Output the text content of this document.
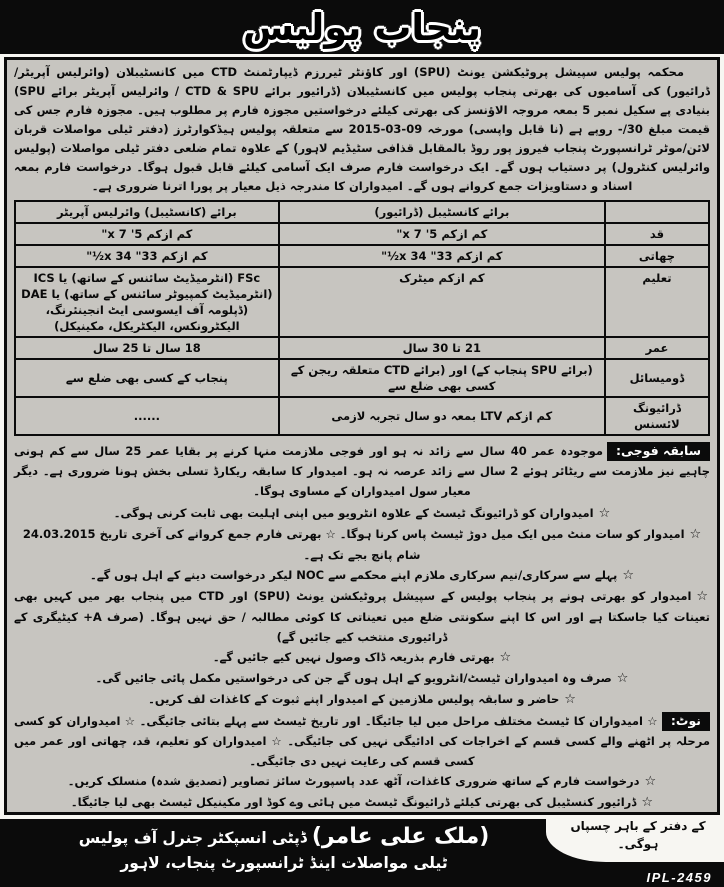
پنجاب پولیس

محکمہ پولیس سپیشل پروٹیکشن یونٹ (SPU) اور کاؤنٹر ٹیررزم ڈیپارٹمنٹ CTD میں کانسٹیبلان (وائرلیس آپریٹر/ڈرائیور) کی آسامیوں کی بھرتی پنجاب پولیس میں کانسٹیبلان (ڈرائیور برائے CTD & SPU / وائرلیس آپریٹر برائے SPU) بنیادی پے سکیل نمبر 5 بمعہ مروجہ الاؤنسز کی بھرتی کیلئے درخواستیں مجوزہ فارم پر مطلوب ہیں۔ مجوزہ فارم جس کی قیمت مبلغ 30/- روپے ہے (نا قابل واپسی) مورخہ 09-03-2015 سے متعلقہ پولیس ہیڈکوارٹرز (دفتر ٹیلی مواصلات قربان لائن/موٹر ٹرانسپورٹ پنجاب فیروز پور روڈ بالمقابل قذافی سٹیڈیم لاہور) کے علاوہ تمام ضلعی دفتر ٹیلی مواصلات (پولیس وائرلیس کنٹرول) پر دستیاب ہوں گے۔ ایک درخواست فارم صرف ایک آسامی کیلئے قابل قبول ہوگا۔ درخواست فارم بمعہ اسناد و دستاویزات جمع کروانے ہوں گے۔ امیدواران کا مندرجہ ذیل معیار پر پورا اترنا ضروری ہے۔

	برائے کانسٹیبل (ڈرائیور)	برائے (کانسٹیبل) وائرلیس آپریٹر
قد	کم ازکم 5' x 7"	کم ازکم 5' x 7"
چھاتی	کم ازکم 33" x 34½"	کم ازکم 33" x 34½"
تعلیم	کم ازکم میٹرک	FSc (انٹرمیڈیٹ سائنس کے ساتھ) یا ICS (انٹرمیڈیٹ کمپیوٹر سائنس کے ساتھ) یا DAE (ڈپلومہ آف ایسوسی ایٹ انجینئرنگ، الیکٹرونکس، الیکٹریکل، مکینیکل)
عمر	21 تا 30 سال	18 سال تا 25 سال
ڈومیسائل	(برائے SPU پنجاب کے) اور (برائے CTD متعلقہ ریجن کے کسی بھی ضلع سے	پنجاب کے کسی بھی ضلع سے
ڈرائیونگ لائسنس	کم ازکم LTV بمعہ دو سال تجربہ لازمی	......

سابقہ فوجی:موجودہ عمر 40 سال سے زائد نہ ہو اور فوجی ملازمت منہا کرنے پر بقایا عمر 25 سال سے کم ہونی چاہیے نیز ملازمت سے ریٹائر ہوئے 2 سال سے زائد عرصہ نہ ہو۔ امیدوار کا سابقہ ریکارڈ تسلی بخش ہونا ضروری ہے۔ دیگر معیار سول امیدواران کے مساوی ہوگا۔

☆امیدواران کو ڈرائیونگ ٹیسٹ کے علاوہ انٹرویو میں اپنی اہلیت بھی ثابت کرنی ہوگی۔

☆امیدوار کو سات منٹ میں ایک میل دوڑ ٹیسٹ پاس کرنا ہوگا۔ ☆ بھرتی فارم جمع کروانے کی آخری تاریخ 24.03.2015 شام پانچ بجے تک ہے۔

☆پہلے سے سرکاری/نیم سرکاری ملازم اپنے محکمے سے NOC لیکر درخواست دینے کے اہل ہوں گے۔

☆امیدوار کو بھرتی ہونے پر پنجاب پولیس کے سپیشل پروٹیکشن یونٹ (SPU) اور CTD میں پنجاب بھر میں کہیں بھی تعینات کیا جاسکتا ہے اور اس کا اپنے سکونتی ضلع میں تعیناتی کا کوئی مطالبہ / حق نہیں ہوگا۔ (صرف A+ کیٹیگری کے ڈرائیوری منتخب کیے جائیں گے)

☆بھرتی فارم بذریعہ ڈاک وصول نہیں کیے جائیں گے۔

☆صرف وہ امیدواران ٹیسٹ/انٹرویو کے اہل ہوں گے جن کی درخواستیں مکمل پائی جائیں گی۔

☆حاضر و سابقہ پولیس ملازمین کے امیدوار اپنے ثبوت کے کاغذات لف کریں۔

نوٹ:☆ امیدواران کا ٹیسٹ مختلف مراحل میں لیا جائیگا۔ اور تاریخ ٹیسٹ سے پہلے بتائی جائیگی۔ ☆ امیدواران کو کسی مرحلہ پر اٹھنے والے کسی قسم کے اخراجات کی ادائیگی نہیں کی جائیگی۔ ☆ امیدواران کو تعلیم، قد، چھاتی اور عمر میں کسی قسم کی رعایت نہیں دی جائیگی۔

☆درخواست فارم کے ساتھ ضروری کاغذات، آٹھ عدد پاسپورٹ سائز تصاویر (تصدیق شدہ) منسلک کریں۔

☆ڈرائیور کنسٹیبل کی بھرتی کیلئے ڈرائیونگ ٹیسٹ میں ہائی وے کوڈ اور مکینیکل ٹیسٹ بھی لیا جائیگا۔

(ملک علی عامر) ڈپٹی انسپکٹر جنرل آف پولیس
ٹیلی مواصلات اینڈ ٹرانسپورٹ پنجاب، لاہور
IPL-2459
کے دفتر کے باہر چسپاں ہوگی۔
